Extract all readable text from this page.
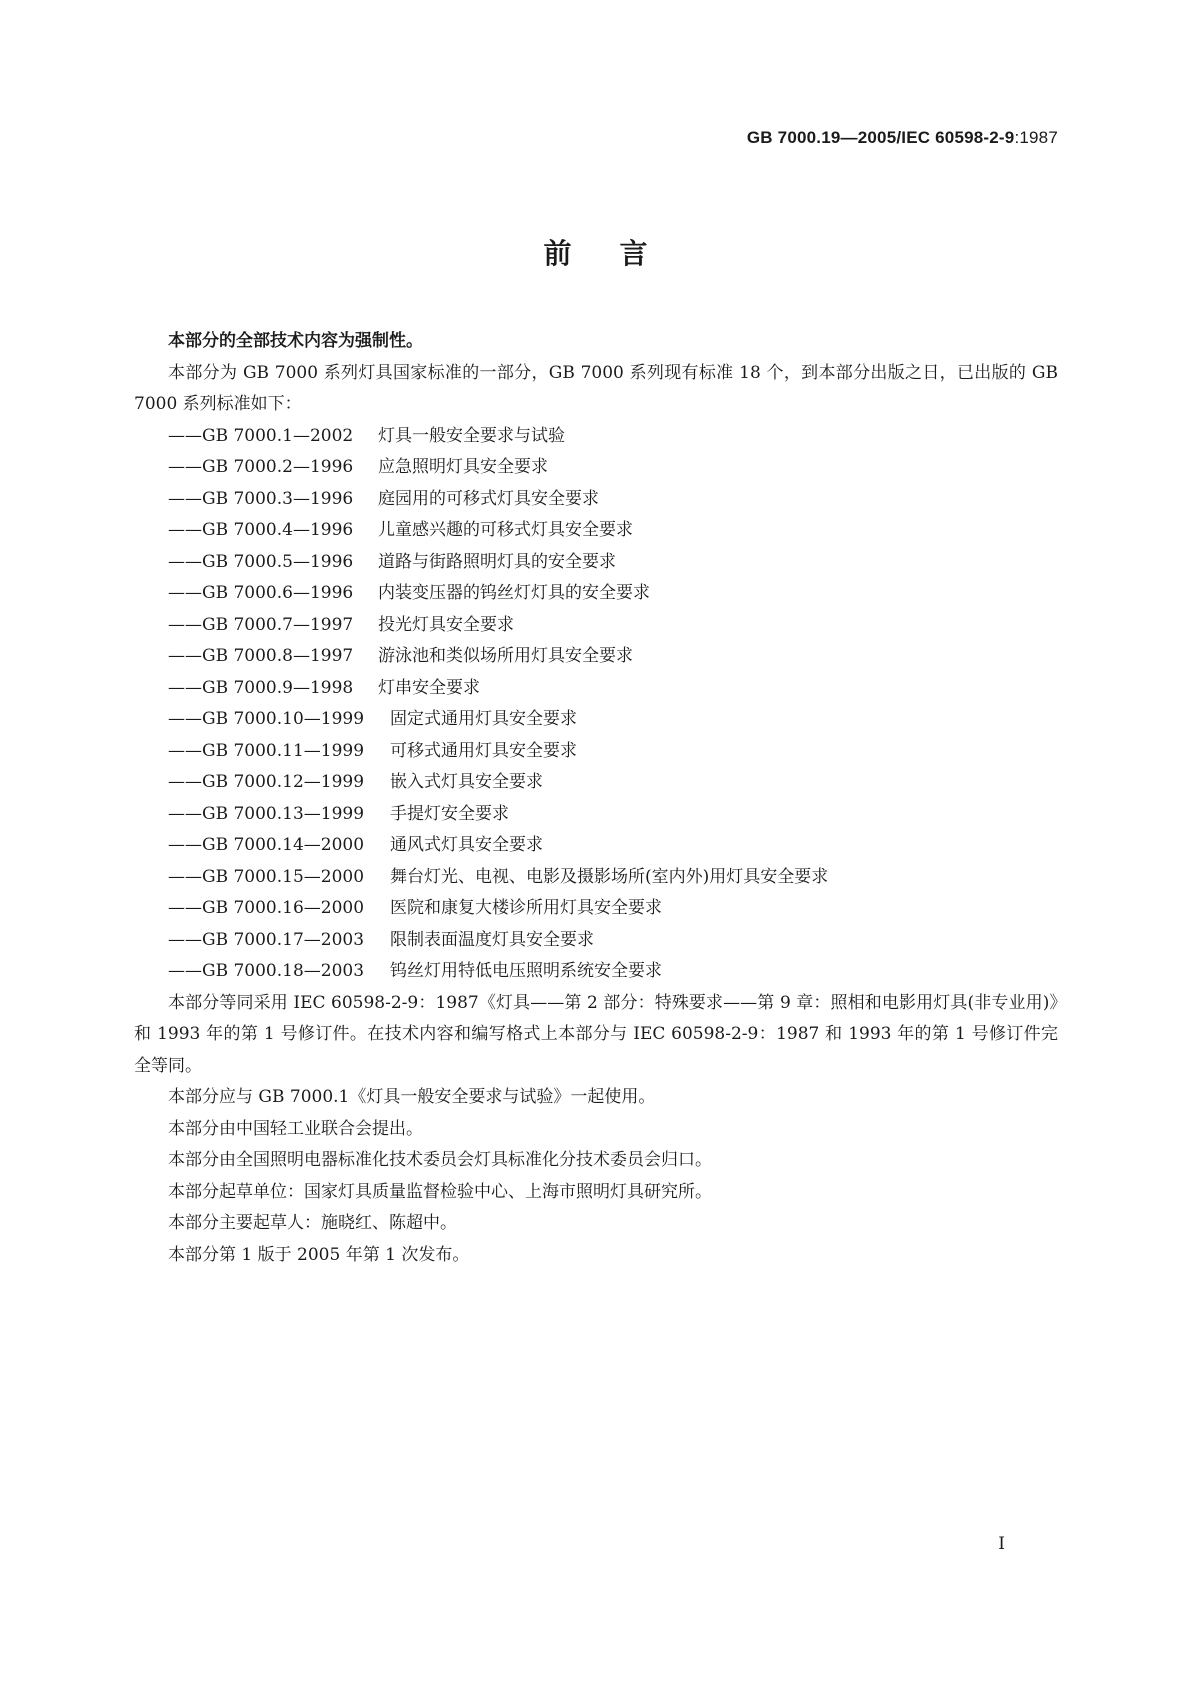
GB 7000.19—2005/IEC 60598-2-9:1987
前言

本部分的全部技术内容为强制性。

本部分为 GB 7000 系列灯具国家标准的一部分，GB 7000 系列现有标准 18 个，到本部分出版之日，已出版的 GB 7000 系列标准如下：

——GB 7000.1—2002 灯具一般安全要求与试验
——GB 7000.2—1996 应急照明灯具安全要求
——GB 7000.3—1996 庭园用的可移式灯具安全要求
——GB 7000.4—1996 儿童感兴趣的可移式灯具安全要求
——GB 7000.5—1996 道路与街路照明灯具的安全要求
——GB 7000.6—1996 内装变压器的钨丝灯灯具的安全要求
——GB 7000.7—1997 投光灯具安全要求
——GB 7000.8—1997 游泳池和类似场所用灯具安全要求
——GB 7000.9—1998 灯串安全要求
——GB 7000.10—1999 固定式通用灯具安全要求
——GB 7000.11—1999 可移式通用灯具安全要求
——GB 7000.12—1999 嵌入式灯具安全要求
——GB 7000.13—1999 手提灯安全要求
——GB 7000.14—2000 通风式灯具安全要求
——GB 7000.15—2000 舞台灯光、电视、电影及摄影场所(室内外)用灯具安全要求
——GB 7000.16—2000 医院和康复大楼诊所用灯具安全要求
——GB 7000.17—2003 限制表面温度灯具安全要求
——GB 7000.18—2003 钨丝灯用特低电压照明系统安全要求

本部分等同采用 IEC 60598-2-9：1987《灯具——第 2 部分：特殊要求——第 9 章：照相和电影用灯具(非专业用)》和 1993 年的第 1 号修订件。在技术内容和编写格式上本部分与 IEC 60598-2-9：1987 和 1993 年的第 1 号修订件完全等同。

本部分应与 GB 7000.1《灯具一般安全要求与试验》一起使用。

本部分由中国轻工业联合会提出。

本部分由全国照明电器标准化技术委员会灯具标准化分技术委员会归口。

本部分起草单位：国家灯具质量监督检验中心、上海市照明灯具研究所。

本部分主要起草人：施晓红、陈超中。

本部分第 1 版于 2005 年第 1 次发布。

I
